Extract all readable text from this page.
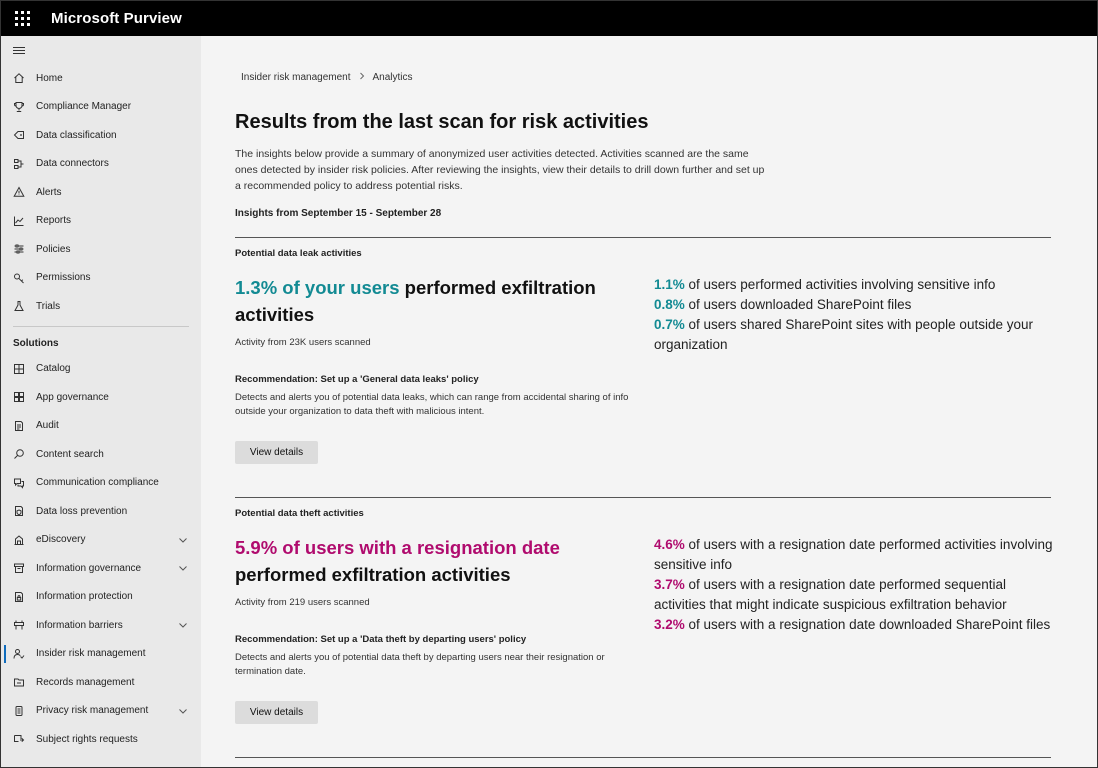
Microsoft Purview
Home
Compliance Manager
Data classification
Data connectors
Alerts
Reports
Policies
Permissions
Trials
Solutions
Catalog
App governance
Audit
Content search
Communication compliance
Data loss prevention
eDiscovery
Information governance
Information protection
Information barriers
Insider risk management
Records management
Privacy risk management
Subject rights requests
Insider risk management Analytics
Results from the last scan for risk activities
The insights below provide a summary of anonymized user activities detected. Activities scanned are the same ones detected by insider risk policies. After reviewing the insights, view their details to drill down further and set up a recommended policy to address potential risks.
Insights from September 15 - September 28
Potential data leak activities
1.3% of your users performed exfiltration activities
Activity from 23K users scanned
Recommendation: Set up a 'General data leaks' policy
Detects and alerts you of potential data leaks, which can range from accidental sharing of info outside your organization to data theft with malicious intent.
View details
1.1% of users performed activities involving sensitive info
0.8% of users downloaded SharePoint files
0.7% of users shared SharePoint sites with people outside your organization
Potential data theft activities
5.9% of users with a resignation date performed exfiltration activities
Activity from 219 users scanned
Recommendation: Set up a 'Data theft by departing users' policy
Detects and alerts you of potential data theft by departing users near their resignation or termination date.
View details
4.6% of users with a resignation date performed activities involving sensitive info
3.7% of users with a resignation date performed sequential activities that might indicate suspicious exfiltration behavior
3.2% of users with a resignation date downloaded SharePoint files
